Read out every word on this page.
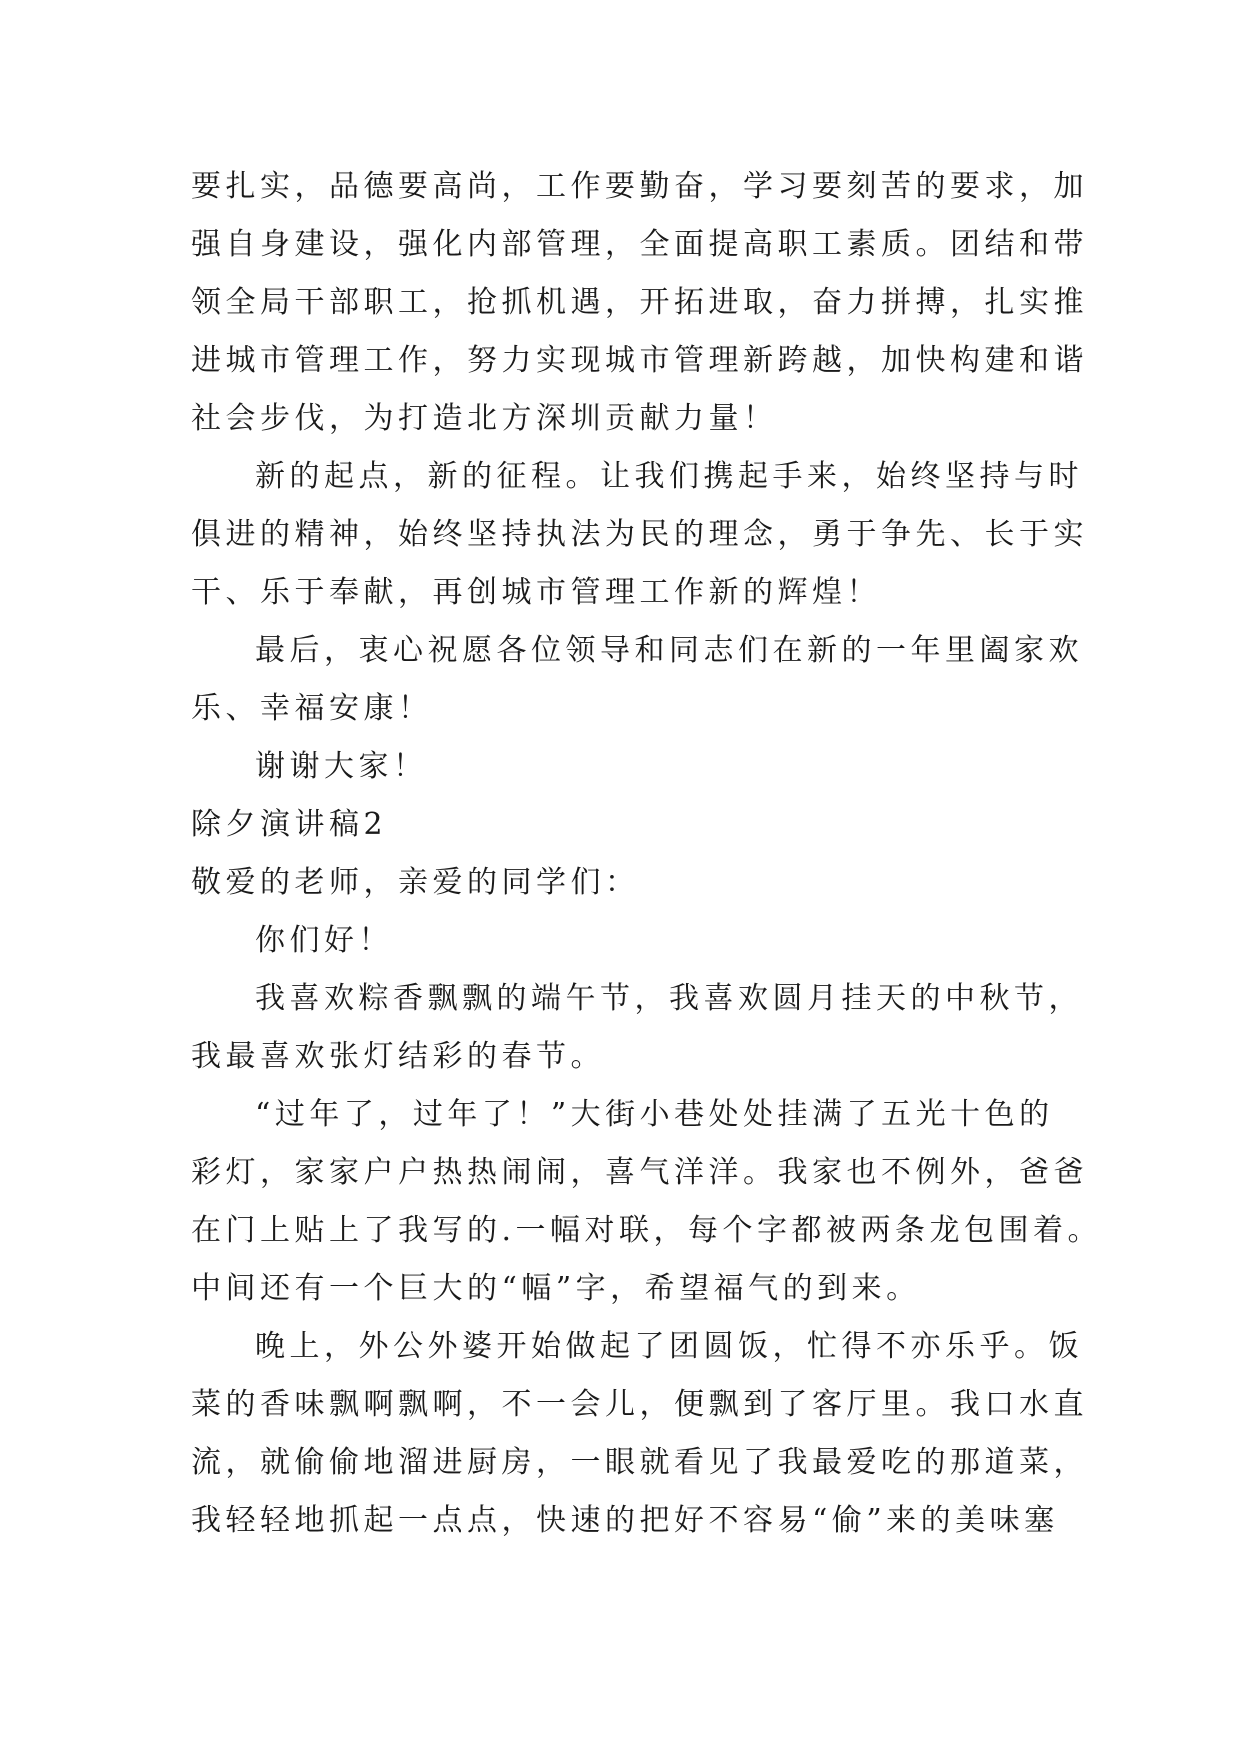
要扎实，品德要高尚，工作要勤奋，学习要刻苦的要求，加
强自身建设，强化内部管理，全面提高职工素质。团结和带
领全局干部职工，抢抓机遇，开拓进取，奋力拼搏，扎实推
进城市管理工作，努力实现城市管理新跨越，加快构建和谐
社会步伐，为打造北方深圳贡献力量！
新的起点，新的征程。让我们携起手来，始终坚持与时
俱进的精神，始终坚持执法为民的理念，勇于争先、长于实
干、乐于奉献，再创城市管理工作新的辉煌！
最后，衷心祝愿各位领导和同志们在新的一年里阖家欢
乐、幸福安康！
谢谢大家！
除夕演讲稿2
敬爱的老师，亲爱的同学们：
你们好！
我喜欢粽香飘飘的端午节，我喜欢圆月挂天的中秋节，
我最喜欢张灯结彩的春节。
“过年了，过年了！”大街小巷处处挂满了五光十色的
彩灯，家家户户热热闹闹，喜气洋洋。我家也不例外，爸爸
在门上贴上了我写的.一幅对联，每个字都被两条龙包围着。
中间还有一个巨大的“幅”字，希望福气的到来。
晚上，外公外婆开始做起了团圆饭，忙得不亦乐乎。饭
菜的香味飘啊飘啊，不一会儿，便飘到了客厅里。我口水直
流，就偷偷地溜进厨房，一眼就看见了我最爱吃的那道菜，
我轻轻地抓起一点点，快速的把好不容易“偷”来的美味塞
